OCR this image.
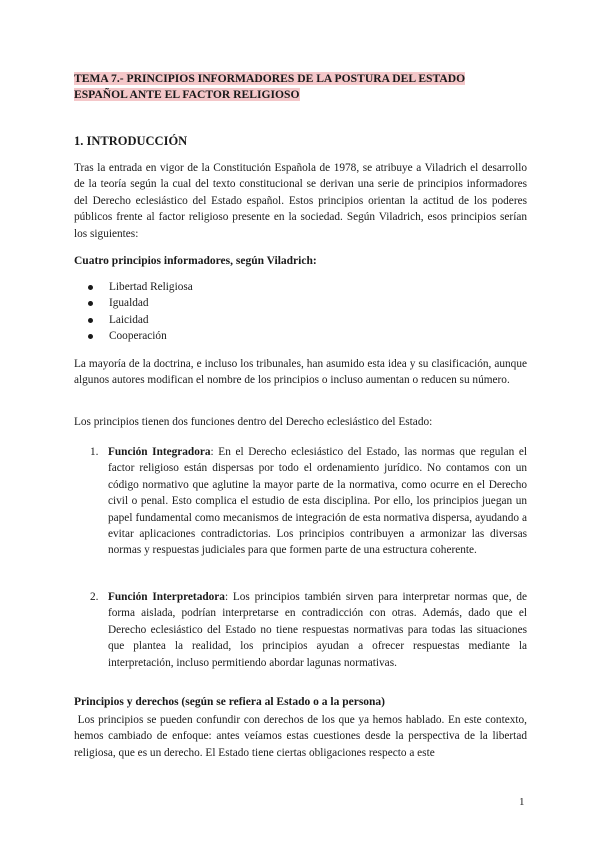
TEMA 7.- PRINCIPIOS INFORMADORES DE LA POSTURA DEL ESTADO
ESPAÑOL ANTE EL FACTOR RELIGIOSO
1. INTRODUCCIÓN
Tras la entrada en vigor de la Constitución Española de 1978, se atribuye a Viladrich el desarrollo de la teoría según la cual del texto constitucional se derivan una serie de principios informadores del Derecho eclesiástico del Estado español. Estos principios orientan la actitud de los poderes públicos frente al factor religioso presente en la sociedad. Según Viladrich, esos principios serían los siguientes:
Cuatro principios informadores, según Viladrich:
Libertad Religiosa
Igualdad
Laicidad
Cooperación
La mayoría de la doctrina, e incluso los tribunales, han asumido esta idea y su clasificación, aunque algunos autores modifican el nombre de los principios o incluso aumentan o reducen su número.
Los principios tienen dos funciones dentro del Derecho eclesiástico del Estado:
1. Función Integradora: En el Derecho eclesiástico del Estado, las normas que regulan el factor religioso están dispersas por todo el ordenamiento jurídico. No contamos con un código normativo que aglutine la mayor parte de la normativa, como ocurre en el Derecho civil o penal. Esto complica el estudio de esta disciplina. Por ello, los principios juegan un papel fundamental como mecanismos de integración de esta normativa dispersa, ayudando a evitar aplicaciones contradictorias. Los principios contribuyen a armonizar las diversas normas y respuestas judiciales para que formen parte de una estructura coherente.
2. Función Interpretadora: Los principios también sirven para interpretar normas que, de forma aislada, podrían interpretarse en contradicción con otras. Además, dado que el Derecho eclesiástico del Estado no tiene respuestas normativas para todas las situaciones que plantea la realidad, los principios ayudan a ofrecer respuestas mediante la interpretación, incluso permitiendo abordar lagunas normativas.
Principios y derechos (según se refiera al Estado o a la persona)
Los principios se pueden confundir con derechos de los que ya hemos hablado. En este contexto, hemos cambiado de enfoque: antes veíamos estas cuestiones desde la perspectiva de la libertad religiosa, que es un derecho. El Estado tiene ciertas obligaciones respecto a este
1
